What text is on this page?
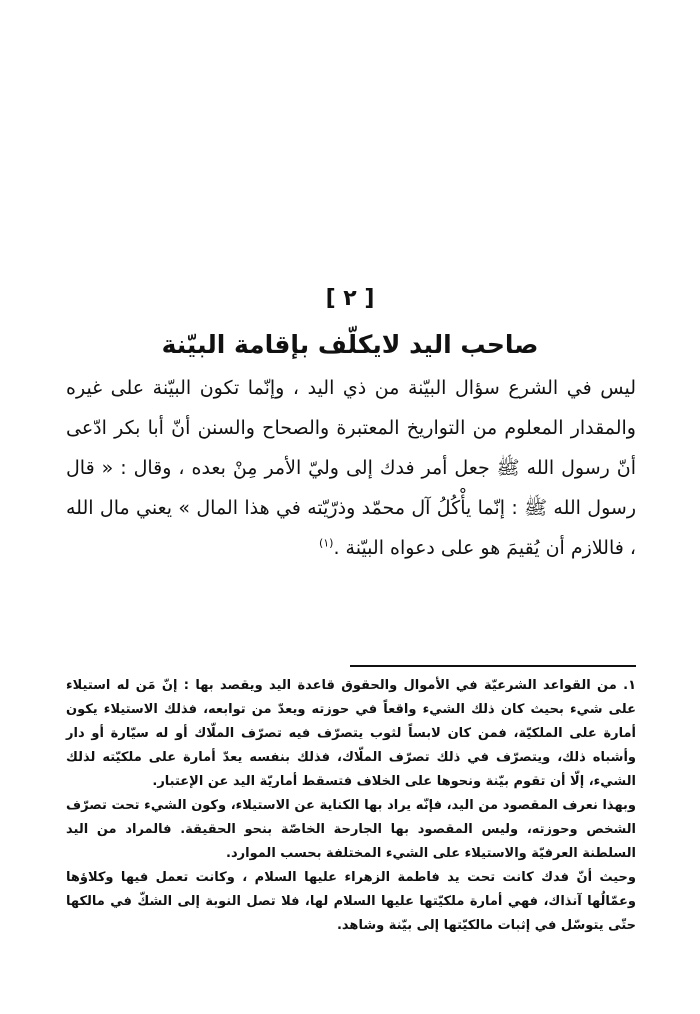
[ ٢ ]
صاحب اليد لايكلّف بإقامة البيّنة

ليس في الشرع سؤال البيّنة من ذي اليد ، وإنّما تكون البيّنة على غيره والمقدار المعلوم من التواريخ المعتبرة والصحاح والسنن أنّ أبا بكر ادّعى أنّ رسول الله ﷺ جعل أمر فدك إلى وليّ الأمر مِنْ بعده ، وقال : « قال رسول الله ﷺ : إنّما يأْكُلُ آل محمّد وذرّيّته في هذا المال » يعني مال الله ، فاللازم أن يُقيمَ هو على دعواه البيّنة .$^{(١)}$

١. من القواعد الشرعيّة في الأموال والحقوق قاعدة اليد ويقصد بها : إنّ مَن له استيلاء على شيء بحيث كان ذلك الشيء واقعاً في حوزته ويعدّ من توابعه، فذلك الاستيلاء يكون أمارة على الملكيّة، فمن كان لابساً لثوب يتصرّف فيه تصرّف الملّاك أو له سيّارة أو دار وأشباه ذلك، ويتصرّف في ذلك تصرّف الملّاك، فذلك بنفسه يعدّ أمارة على ملكيّته لذلك الشيء، إلّا أن تقوم بيّنة ونحوها على الخلاف فتسقط أماريّة اليد عن الإعتبار.

وبهذا نعرف المقصود من اليد، فإنّه يراد بها الكناية عن الاستيلاء، وكون الشيء تحت تصرّف الشخص وحوزته، وليس المقصود بها الجارحة الخاصّة بنحو الحقيقة. فالمراد من اليد السلطنة العرفيّة والاستيلاء على الشيء المختلفة بحسب الموارد.

وحيث أنّ فدك كانت تحت يد فاطمة الزهراء عليها السلام ، وكانت تعمل فيها وكلاؤها وعمّالُها آنذاك، فهي أمارة ملكيّتها عليها السلام لها، فلا تصل النوبة إلى الشكّ في مالكها حتّى يتوسّل في إثبات مالكيّتها إلى بيّنة وشاهد.
